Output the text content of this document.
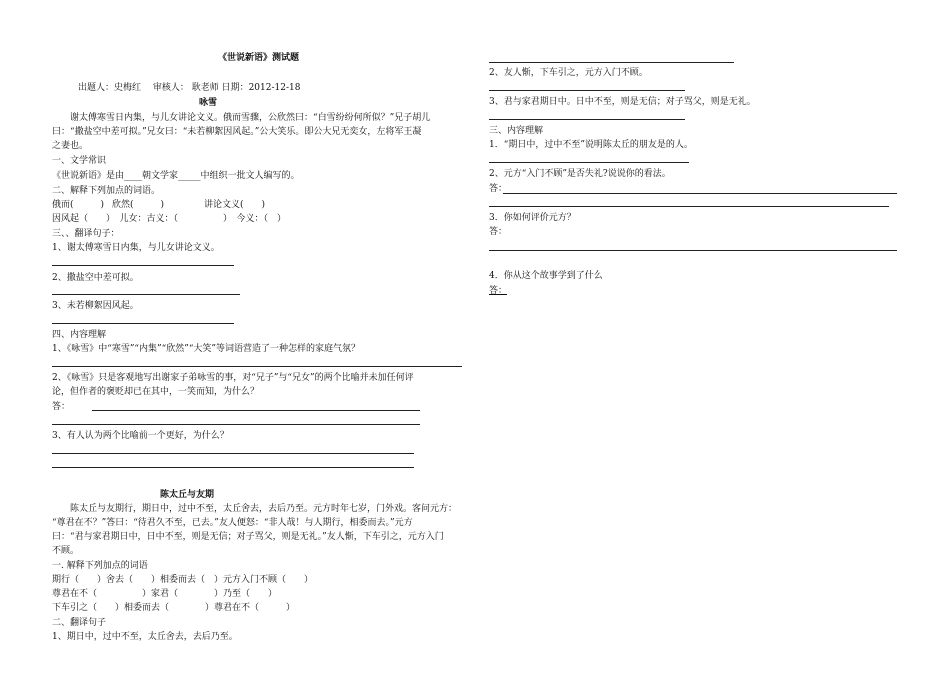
《世说新语》测试题
出题人：史梅红　 审核人： 耿老师 日期：2012-12-18
咏雪
谢太傅寒雪日内集，与儿女讲论文义。俄而雪骤，公欣然曰：“白雪纷纷何所似？”兄子胡儿
曰：“撒盐空中差可拟。”兄女曰：“未若柳絮因风起。”公大笑乐。即公大兄无奕女，左将军王凝
之妻也。
一、文学常识
《世说新语》是由____朝文学家_____中组织一批文人编写的。
二、解释下列加点的词语。
俄而(　　　) 欣然(　　　)	讲论文义(　　)
因风起（　　）　儿女：古义：（　　　　　）　今义：（　）
三、、翻译句子：
1、谢太傅寒雪日内集，与儿女讲论文义。
2、撒盐空中差可拟。
3、未若柳絮因风起。
四、内容理解
1、《咏雪》中“寒雪”“内集”“欣然”“大笑”等词语营造了一种怎样的家庭气氛？
2、《咏雪》只是客观地写出谢家子弟咏雪的事，对“兄子”与“兄女”的两个比喻并未加任何评
论，但作者的褒贬却已在其中，一笑而知，为什么？
答：
3、有人认为两个比喻前一个更好，为什么？
陈太丘与友期
陈太丘与友期行，期日中，过中不至，太丘舍去，去后乃至。元方时年七岁，门外戏。客问元方：
“尊君在不？”答曰：“待君久不至，已去。”友人便怒：“非人哉！与人期行，相委而去。”元方
曰：“君与家君期日中，日中不至，则是无信；对子骂父，则是无礼。”友人惭，下车引之，元方入门
不顾。
一. 解释下列加点的词语
期行（　　）舍去（　　）相委而去（　）元方入门不顾（　　）
尊君在不（　　　　　）家君（　　　　）乃至（　　）
下车引之（　　）相委而去（　　　　）尊君在不（　　　）
二、翻译句子
1、期日中，过中不至，太丘舍去，去后乃至。
2、友人惭，下车引之，元方入门不顾。
3、君与家君期日中。日中不至，则是无信；对子骂父，则是无礼。
三、内容理解
1．“期日中，过中不至”说明陈太丘的朋友是的人。
2、元方“入门不顾”是否失礼?说说你的看法。
答：
3．你如何评价元方？
答：
4．你从这个故事学到了什么
答：
